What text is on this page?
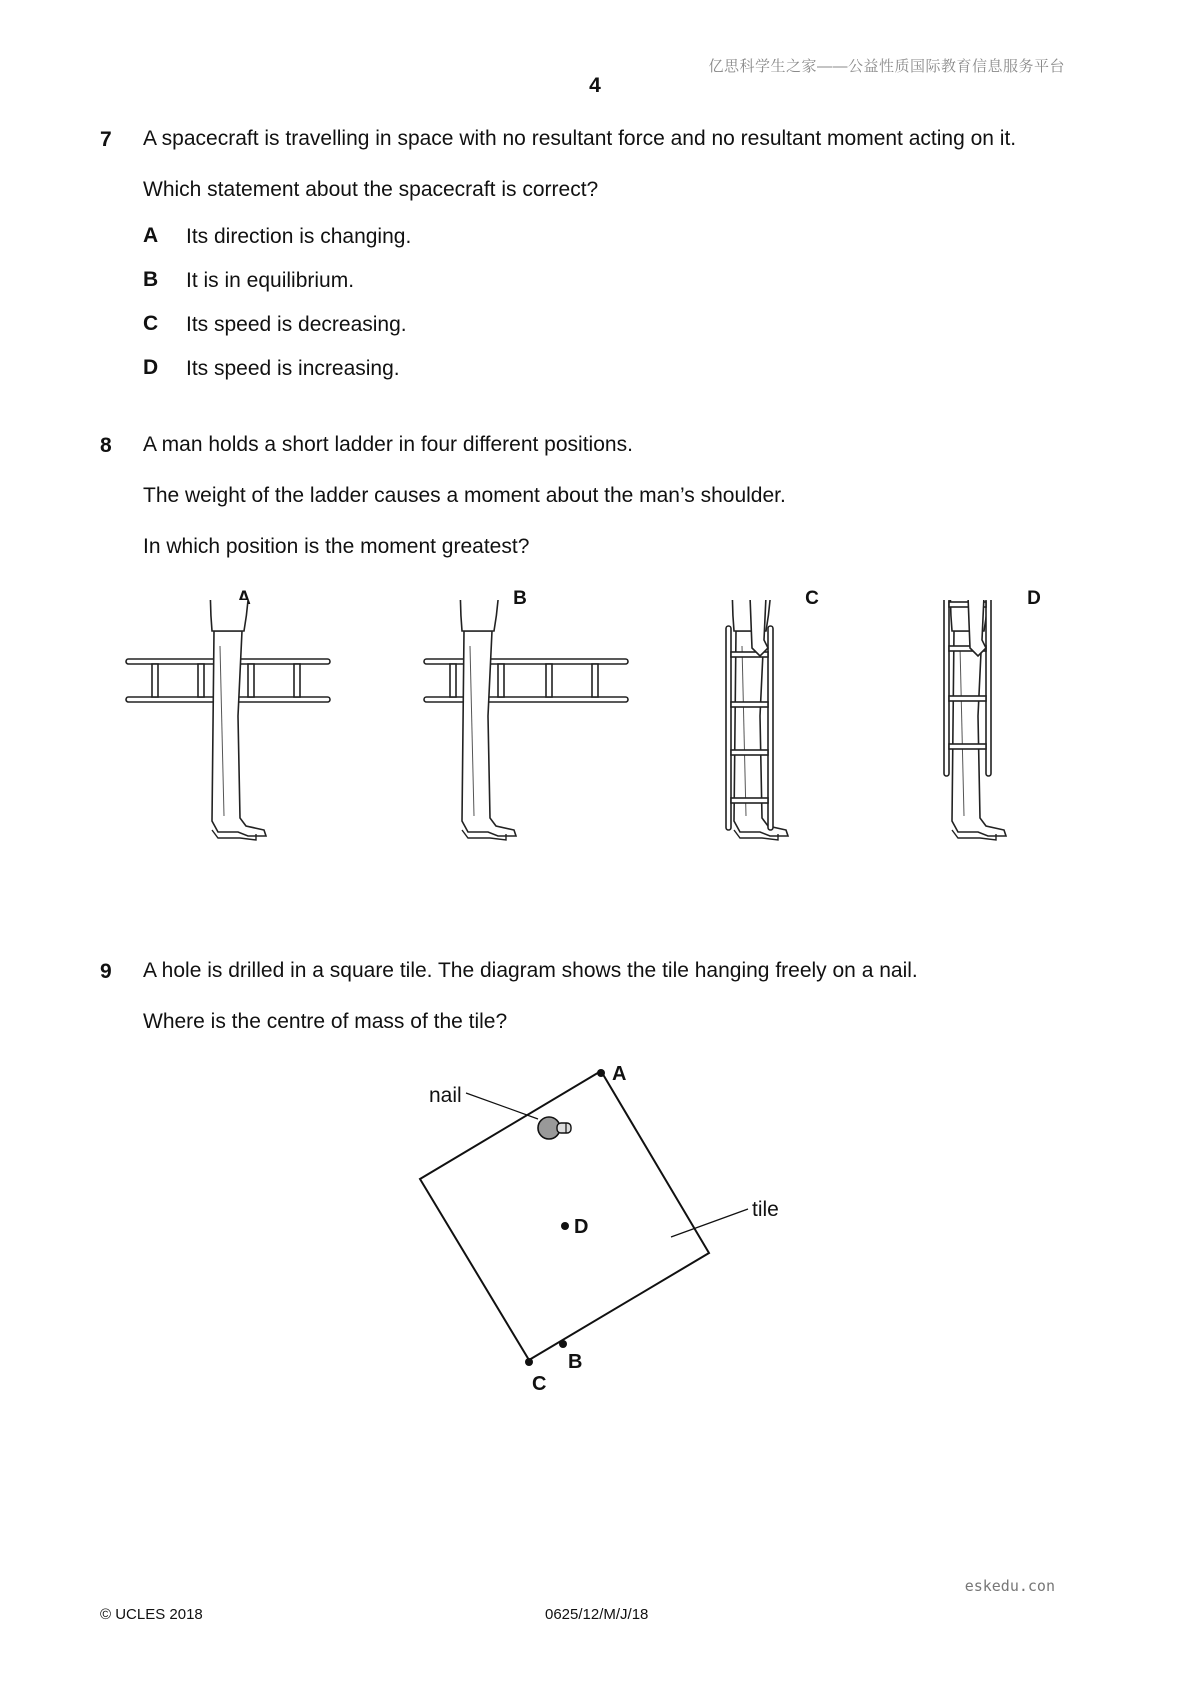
亿思科学生之家——公益性质国际教育信息服务平台
4
7 A spacecraft is travelling in space with no resultant force and no resultant moment acting on it.
Which statement about the spacecraft is correct?
A Its direction is changing.
B It is in equilibrium.
C Its speed is decreasing.
D Its speed is increasing.
8 A man holds a short ladder in four different positions.
The weight of the ladder causes a moment about the man’s shoulder.
In which position is the moment greatest?
A	B	C	D
9 A hole is drilled in a square tile. The diagram shows the tile hanging freely on a nail.
Where is the centre of mass of the tile?
nail
tile
A
D
B
C
eskedu.con
© UCLES 2018	0625/12/M/J/18
